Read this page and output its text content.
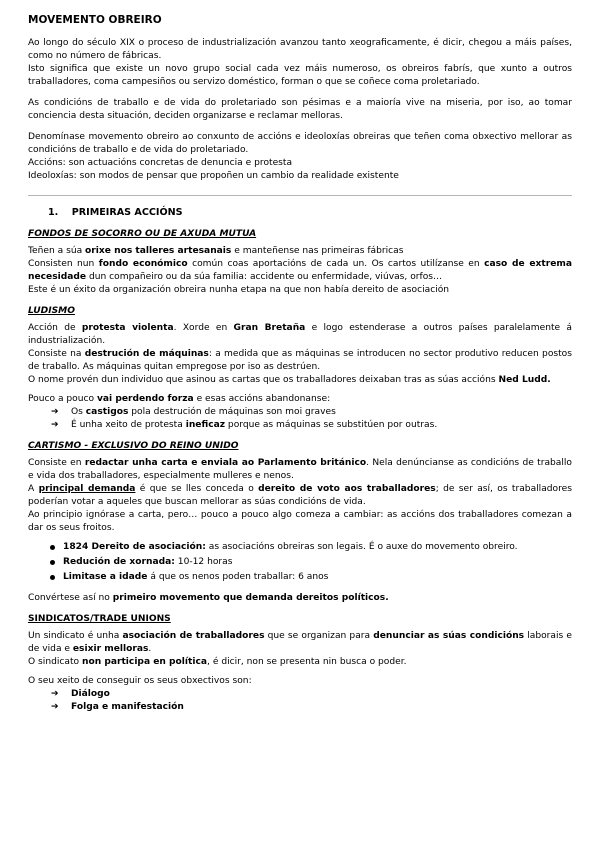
MOVEMENTO OBREIRO

Ao longo do século XIX o proceso de industrialización avanzou tanto xeograficamente, é dicir, chegou a máis países, como no número de fábricas.

Isto significa que existe un novo grupo social cada vez máis numeroso, os obreiros fabrís, que xunto a outros traballadores, coma campesiños ou servizo doméstico, forman o que se coñece coma proletariado.

As condicións de traballo e de vida do proletariado son pésimas e a maioría vive na miseria, por iso, ao tomar conciencia desta situación, deciden organizarse e reclamar melloras.

Denomínase movemento obreiro ao conxunto de accións e ideoloxías obreiras que teñen coma obxectivo mellorar as condicións de traballo e de vida do proletariado.

Accións: son actuacións concretas de denuncia e protesta

Ideoloxías: son modos de pensar que propoñen un cambio da realidade existente

1. PRIMEIRAS ACCIÓNS
FONDOS DE SOCORRO OU DE AXUDA MUTUA

Teñen a súa orixe nos talleres artesanais e manteñense nas primeiras fábricas

Consisten nun fondo económico común coas aportacións de cada un. Os cartos utilízanse en caso de extrema necesidade dun compañeiro ou da súa familia: accidente ou enfermidade, viúvas, orfos…

Este é un éxito da organización obreira nunha etapa na que non había dereito de asociación

LUDISMO

Acción de protesta violenta. Xorde en Gran Bretaña e logo estenderase a outros países paralelamente á industrialización.

Consiste na destrución de máquinas: a medida que as máquinas se introducen no sector produtivo reducen postos de traballo. As máquinas quitan empregose por iso as destrúen.

O nome provén dun individuo que asinou as cartas que os traballadores deixaban tras as súas accións Ned Ludd.

Pouco a pouco vai perdendo forza e esas accións abandonanse:

➔ Os castigos pola destrución de máquinas son moi graves
➔ É unha xeito de protesta ineficaz porque as máquinas se substitúen por outras.
CARTISMO - EXCLUSIVO DO REINO UNIDO

Consiste en redactar unha carta e enviala ao Parlamento británico. Nela denúncianse as condicións de traballo e vida dos traballadores, especialmente mulleres e nenos.

A principal demanda é que se lles conceda o dereito de voto aos traballadores; de ser así, os traballadores poderían votar a aqueles que buscan mellorar as súas condicións de vida.

Ao principio ignórase a carta, pero… pouco a pouco algo comeza a cambiar: as accións dos traballadores comezan a dar os seus froitos.

1824 Dereito de asociación: as asociacións obreiras son legais. É o auxe do movemento obreiro.
Redución de xornada: 10-12 horas
Limitase a idade á que os nenos poden traballar: 6 anos

Convértese así no primeiro movemento que demanda dereitos políticos.

SINDICATOS/TRADE UNIONS

Un sindicato é unha asociación de traballadores que se organizan para denunciar as súas condicións laborais e de vida e esixir melloras.

O sindicato non participa en política, é dicir, non se presenta nin busca o poder.

O seu xeito de conseguir os seus obxectivos son:

➔ Diálogo
➔ Folga e manifestación
